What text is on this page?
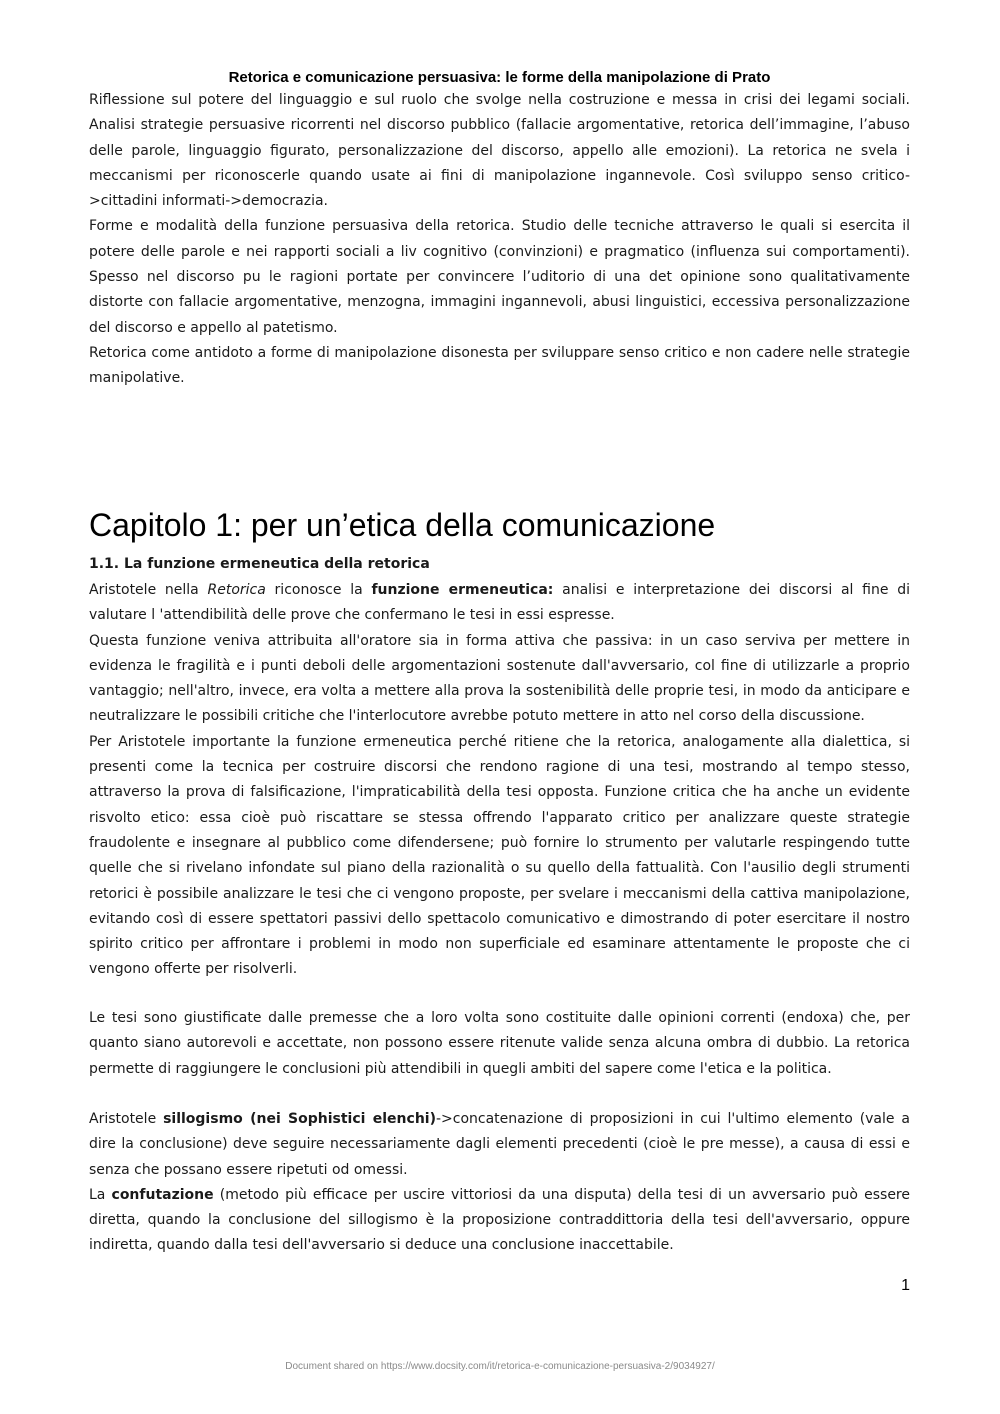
Retorica e comunicazione persuasiva: le forme della manipolazione di Prato

Riflessione sul potere del linguaggio e sul ruolo che svolge nella costruzione e messa in crisi dei legami sociali. Analisi strategie persuasive ricorrenti nel discorso pubblico (fallacie argomentative, retorica dell’immagine, l’abuso delle parole, linguaggio figurato, personalizzazione del discorso, appello alle emozioni). La retorica ne svela i meccanismi per riconoscerle quando usate ai fini di manipolazione ingannevole. Così sviluppo senso critico->cittadini informati->democrazia.

Forme e modalità della funzione persuasiva della retorica. Studio delle tecniche attraverso le quali si esercita il potere delle parole e nei rapporti sociali a liv cognitivo (convinzioni) e pragmatico (influenza sui comportamenti). Spesso nel discorso pu le ragioni portate per convincere l’uditorio di una det opinione sono qualitativamente distorte con fallacie argomentative, menzogna, immagini ingannevoli, abusi linguistici, eccessiva personalizzazione del discorso e appello al patetismo.

Retorica come antidoto a forme di manipolazione disonesta per sviluppare senso critico e non cadere nelle strategie manipolative.

Capitolo 1: per un’etica della comunicazione
1.1. La funzione ermeneutica della retorica

Aristotele nella Retorica riconosce la funzione ermeneutica: analisi e interpretazione dei discorsi al fine di valutare l 'attendibilità delle prove che confermano le tesi in essi espresse.

Questa funzione veniva attribuita all'oratore sia in forma attiva che passiva: in un caso serviva per mettere in evidenza le fragilità e i punti deboli delle argomentazioni sostenute dall'avversario, col fine di utilizzarle a proprio vantaggio; nell'altro, invece, era volta a mettere alla prova la sostenibilità delle proprie tesi, in modo da anticipare e neutralizzare le possibili critiche che l'interlocutore avrebbe potuto mettere in atto nel corso della discussione.

Per Aristotele importante la funzione ermeneutica perché ritiene che la retorica, analogamente alla dialettica, si presenti come la tecnica per costruire discorsi che rendono ragione di una tesi, mostrando al tempo stesso, attraverso la prova di falsificazione, l'impraticabilità della tesi opposta. Funzione critica che ha anche un evidente risvolto etico: essa cioè può riscattare se stessa offrendo l'apparato critico per analizzare queste strategie fraudolente e insegnare al pubblico come difendersene; può fornire lo strumento per valutarle respingendo tutte quelle che si rivelano infondate sul piano della razionalità o su quello della fattualità. Con l'ausilio degli strumenti retorici è possibile analizzare le tesi che ci vengono proposte, per svelare i meccanismi della cattiva manipolazione, evitando così di essere spettatori passivi dello spettacolo comunicativo e dimostrando di poter esercitare il nostro spirito critico per affrontare i problemi in modo non superficiale ed esaminare attentamente le proposte che ci vengono offerte per risolverli.

Le tesi sono giustificate dalle premesse che a loro volta sono costituite dalle opinioni correnti (endoxa) che, per quanto siano autorevoli e accettate, non possono essere ritenute valide senza alcuna ombra di dubbio. La retorica permette di raggiungere le conclusioni più attendibili in quegli ambiti del sapere come l'etica e la politica.

Aristotele sillogismo (nei Sophistici elenchi)->concatenazione di proposizioni in cui l'ultimo elemento (vale a dire la conclusione) deve seguire necessariamente dagli elementi precedenti (cioè le pre messe), a causa di essi e senza che possano essere ripetuti od omessi.

La confutazione (metodo più efficace per uscire vittoriosi da una disputa) della tesi di un avversario può essere diretta, quando la conclusione del sillogismo è la proposizione contraddittoria della tesi dell'avversario, oppure indiretta, quando dalla tesi dell'avversario si deduce una conclusione inaccettabile.

1
Document shared on https://www.docsity.com/it/retorica-e-comunicazione-persuasiva-2/9034927/
